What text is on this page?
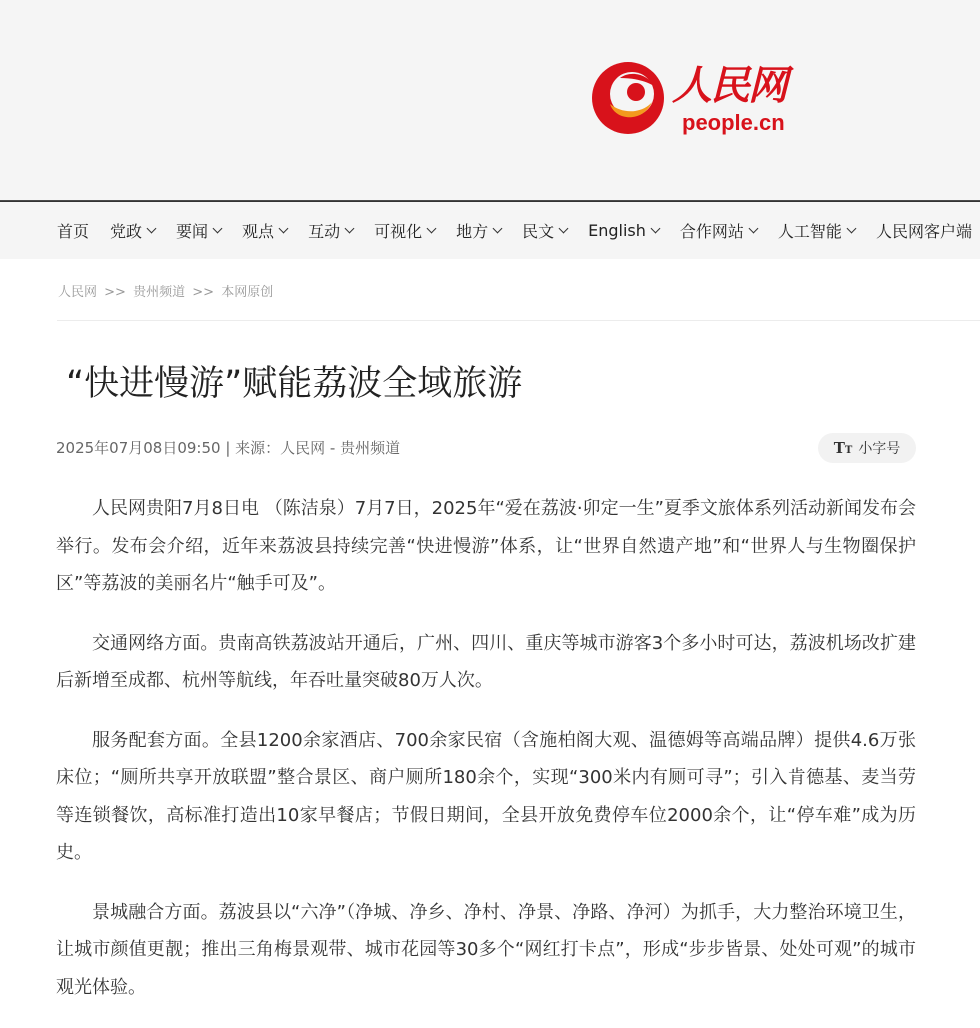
人民网
people.cn
首页 党政 要闻 观点 互动 可视化 地方 民文 English 合作网站 人工智能 人民网客户端
人民网 >> 贵州频道 >> 本网原创
“快进慢游”赋能荔波全域旅游
2025年07月08日09:50 | 来源：人民网 - 贵州频道	TT 小字号

人民网贵阳7月8日电 （陈洁泉）7月7日，2025年“爱在荔波·卯定一生”夏季文旅体系列活动新闻发布会举行。发布会介绍，近年来荔波县持续完善“快进慢游”体系，让“世界自然遗产地”和“世界人与生物圈保护区”等荔波的美丽名片“触手可及”。

交通网络方面。贵南高铁荔波站开通后，广州、四川、重庆等城市游客3个多小时可达，荔波机场改扩建后新增至成都、杭州等航线，年吞吐量突破80万人次。

服务配套方面。全县1200余家酒店、700余家民宿（含施柏阁大观、温德姆等高端品牌）提供4.6万张床位；“厕所共享开放联盟”整合景区、商户厕所180余个，实现“300米内有厕可寻”；引入肯德基、麦当劳等连锁餐饮，高标准打造出10家早餐店；节假日期间，全县开放免费停车位2000余个，让“停车难”成为历史。

景城融合方面。荔波县以“六净”（净城、净乡、净村、净景、净路、净河）为抓手，大力整治环境卫生，让城市颜值更靓；推出三角梅景观带、城市花园等30多个“网红打卡点”，形成“步步皆景、处处可观”的城市观光体验。
